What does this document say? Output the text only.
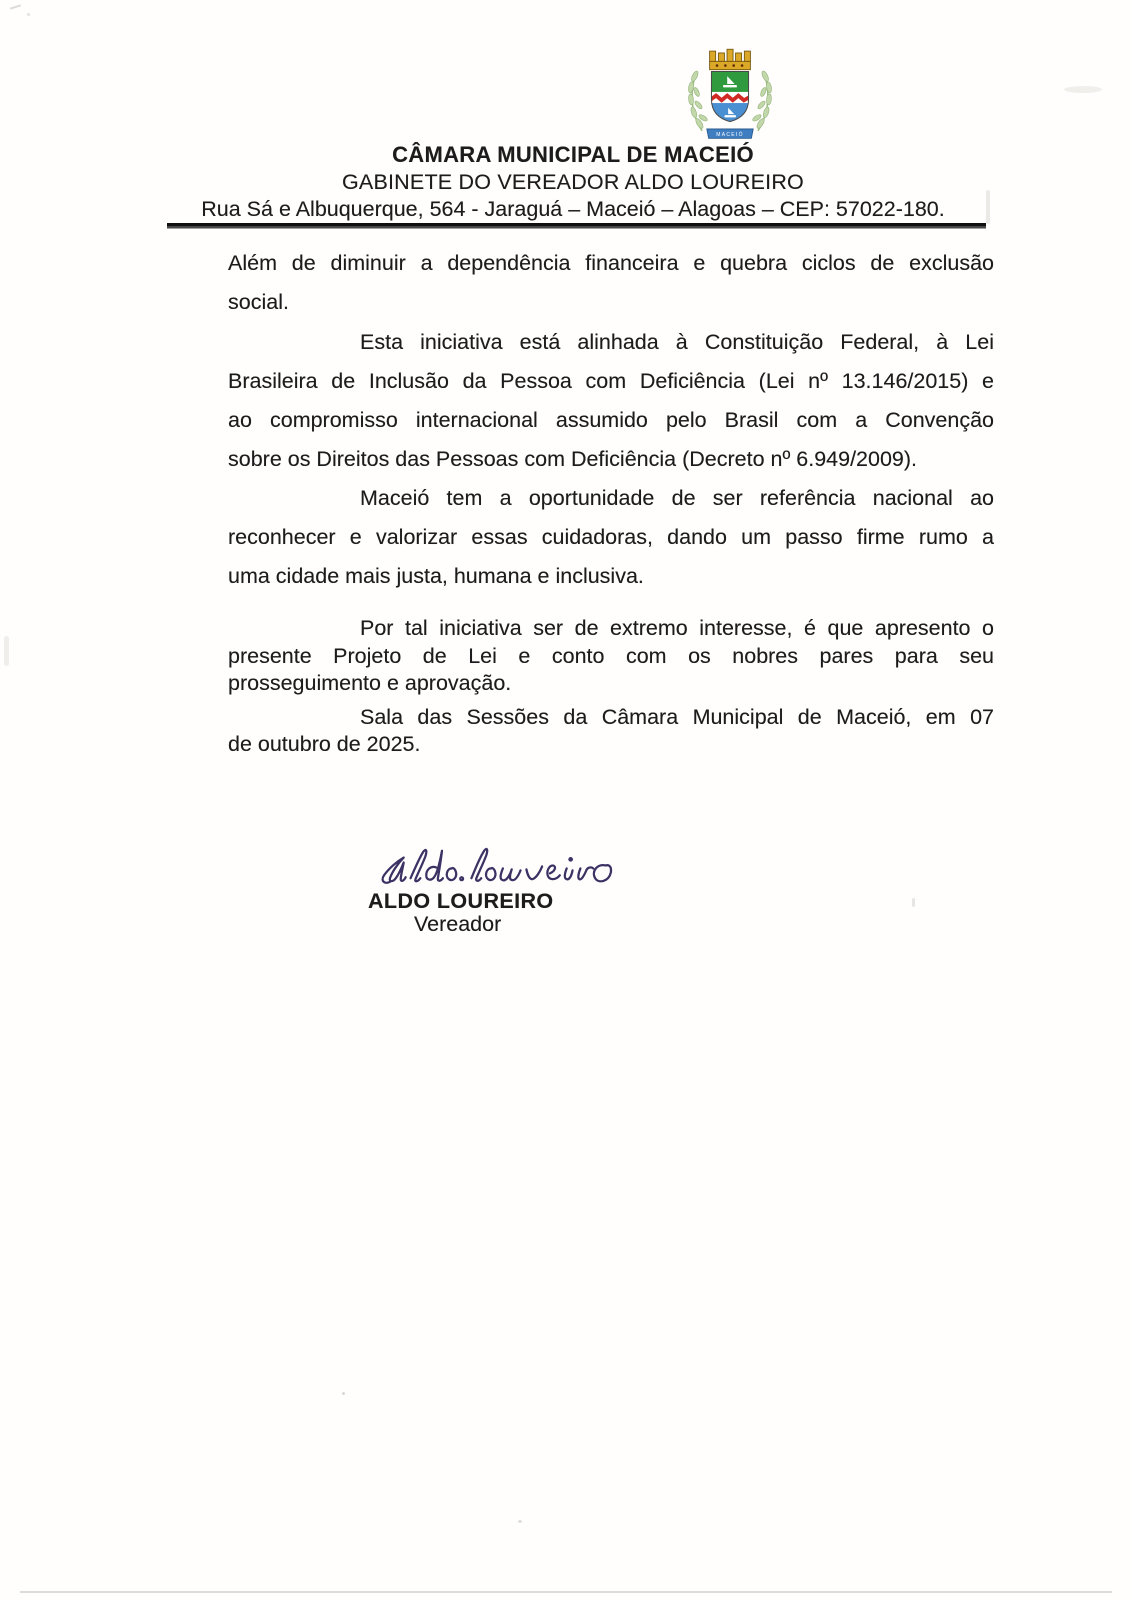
MACEIÓ
CÂMARA MUNICIPAL DE MACEIÓ
GABINETE DO VEREADOR ALDO LOUREIRO
Rua Sá e Albuquerque, 564 - Jaraguá – Maceió – Alagoas – CEP: 57022-180.
Além de diminuir a dependência financeira e quebra ciclos de exclusão
social.
Esta iniciativa está alinhada à Constituição Federal, à Lei
Brasileira de Inclusão da Pessoa com Deficiência (Lei nº 13.146/2015) e
ao compromisso internacional assumido pelo Brasil com a Convenção
sobre os Direitos das Pessoas com Deficiência (Decreto nº 6.949/2009).
Maceió tem a oportunidade de ser referência nacional ao
reconhecer e valorizar essas cuidadoras, dando um passo firme rumo a
uma cidade mais justa, humana e inclusiva.
Por tal iniciativa ser de extremo interesse, é que apresento o
presente Projeto de Lei e conto com os nobres pares para seu
prosseguimento e aprovação.
Sala das Sessões da Câmara Municipal de Maceió, em 07
de outubro de 2025.
ALDO LOUREIRO
Vereador
